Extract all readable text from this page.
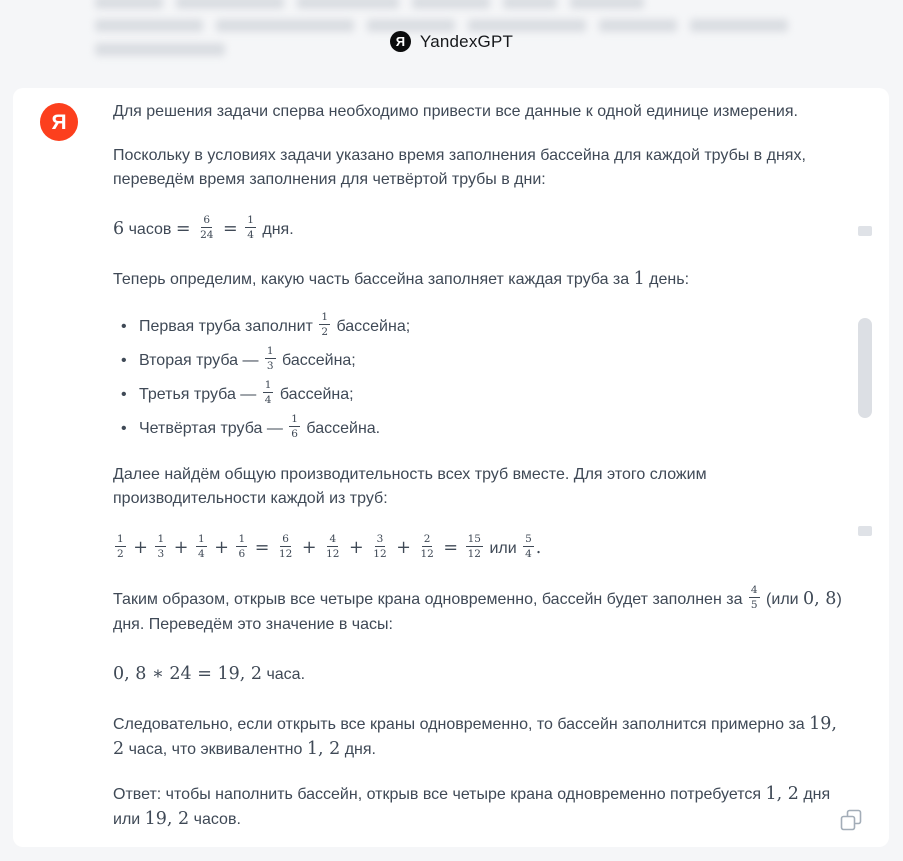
Я YandexGPT
Я	Для решения задачи сперва необходимо привести все данные к одной единице измерения.
Поскольку в условиях задачи указано время заполнения бассейна для каждой трубы в днях, переведём время заполнения для четвёртой трубы в дни:
6 часов = $\frac{6}{24} = \frac{1}{4}$ дня.
Теперь определим, какую часть бассейна заполняет каждая труба за 1 день:
• Первая труба заполнит $\frac{1}{2}$ бассейна;
• Вторая труба — $\frac{1}{3}$ бассейна;
• Третья труба — $\frac{1}{4}$ бассейна;
• Четвёртая труба — $\frac{1}{6}$ бассейна.
Далее найдём общую производительность всех труб вместе. Для этого сложим производительности каждой из труб:
$\frac{1}{2} + \frac{1}{3} + \frac{1}{4} + \frac{1}{6} = \frac{6}{12} + \frac{4}{12} + \frac{3}{12} + \frac{2}{12} = \frac{15}{12}$ или $\frac{5}{4}$ .
Таким образом, открыв все четыре крана одновременно, бассейн будет заполнен за $\frac{4}{5} (или$ 0, 8) дня. Переведём это значение в часы:
0, 8 ∗ 24 = 19, 2 часа.
Следовательно, если открыть все краны одновременно, то бассейн заполнится примерно за 19, 2 часа, что эквивалентно 1, 2 дня.
Ответ: чтобы наполнить бассейн, открыв все четыре крана одновременно потребуется 1, 2 дня или 19, 2 часов.
